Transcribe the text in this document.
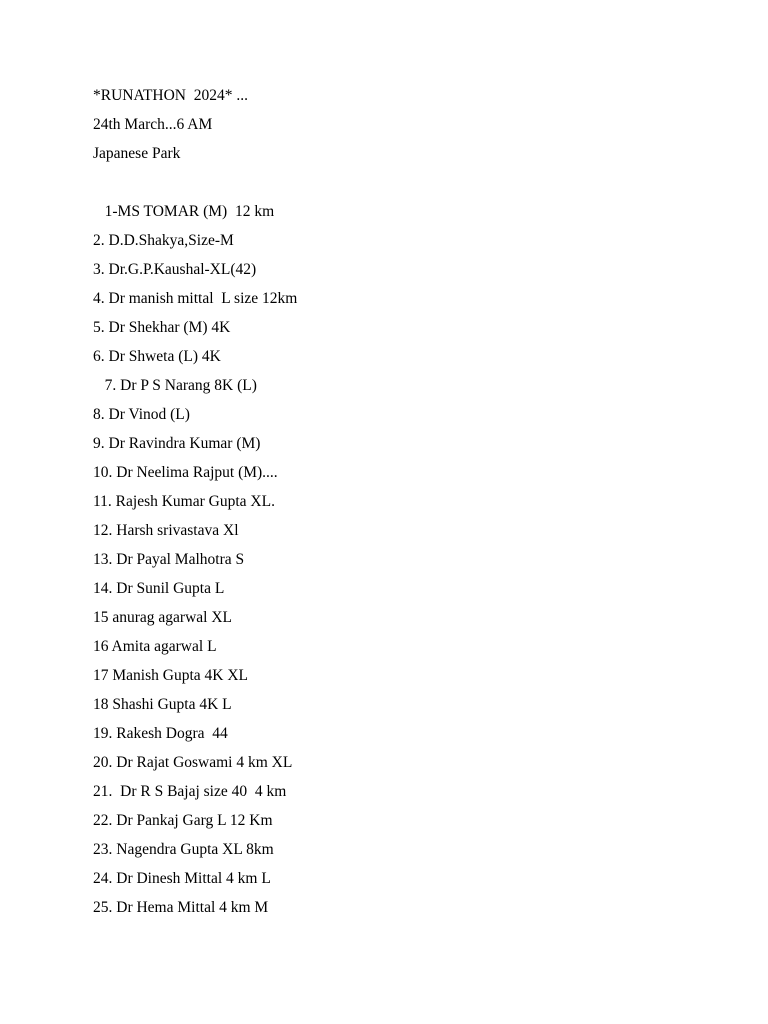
*RUNATHON  2024* ...

24th March...6 AM

Japanese Park

1-MS TOMAR (M)  12 km

2. D.D.Shakya,Size-M

3. Dr.G.P.Kaushal-XL(42)

4. Dr manish mittal  L size 12km

5. Dr Shekhar (M) 4K

6. Dr Shweta (L) 4K

7. Dr P S Narang 8K (L)

8. Dr Vinod (L)

9. Dr Ravindra Kumar (M)

10. Dr Neelima Rajput (M)....

11. Rajesh Kumar Gupta XL.

12. Harsh srivastava Xl

13. Dr Payal Malhotra S

14. Dr Sunil Gupta L

15 anurag agarwal XL

16 Amita agarwal L

17 Manish Gupta 4K XL

18 Shashi Gupta 4K L

19. Rakesh Dogra  44

20. Dr Rajat Goswami 4 km XL

21.  Dr R S Bajaj size 40  4 km

22. Dr Pankaj Garg L 12 Km

23. Nagendra Gupta XL 8km

24. Dr Dinesh Mittal 4 km L

25. Dr Hema Mittal 4 km M
